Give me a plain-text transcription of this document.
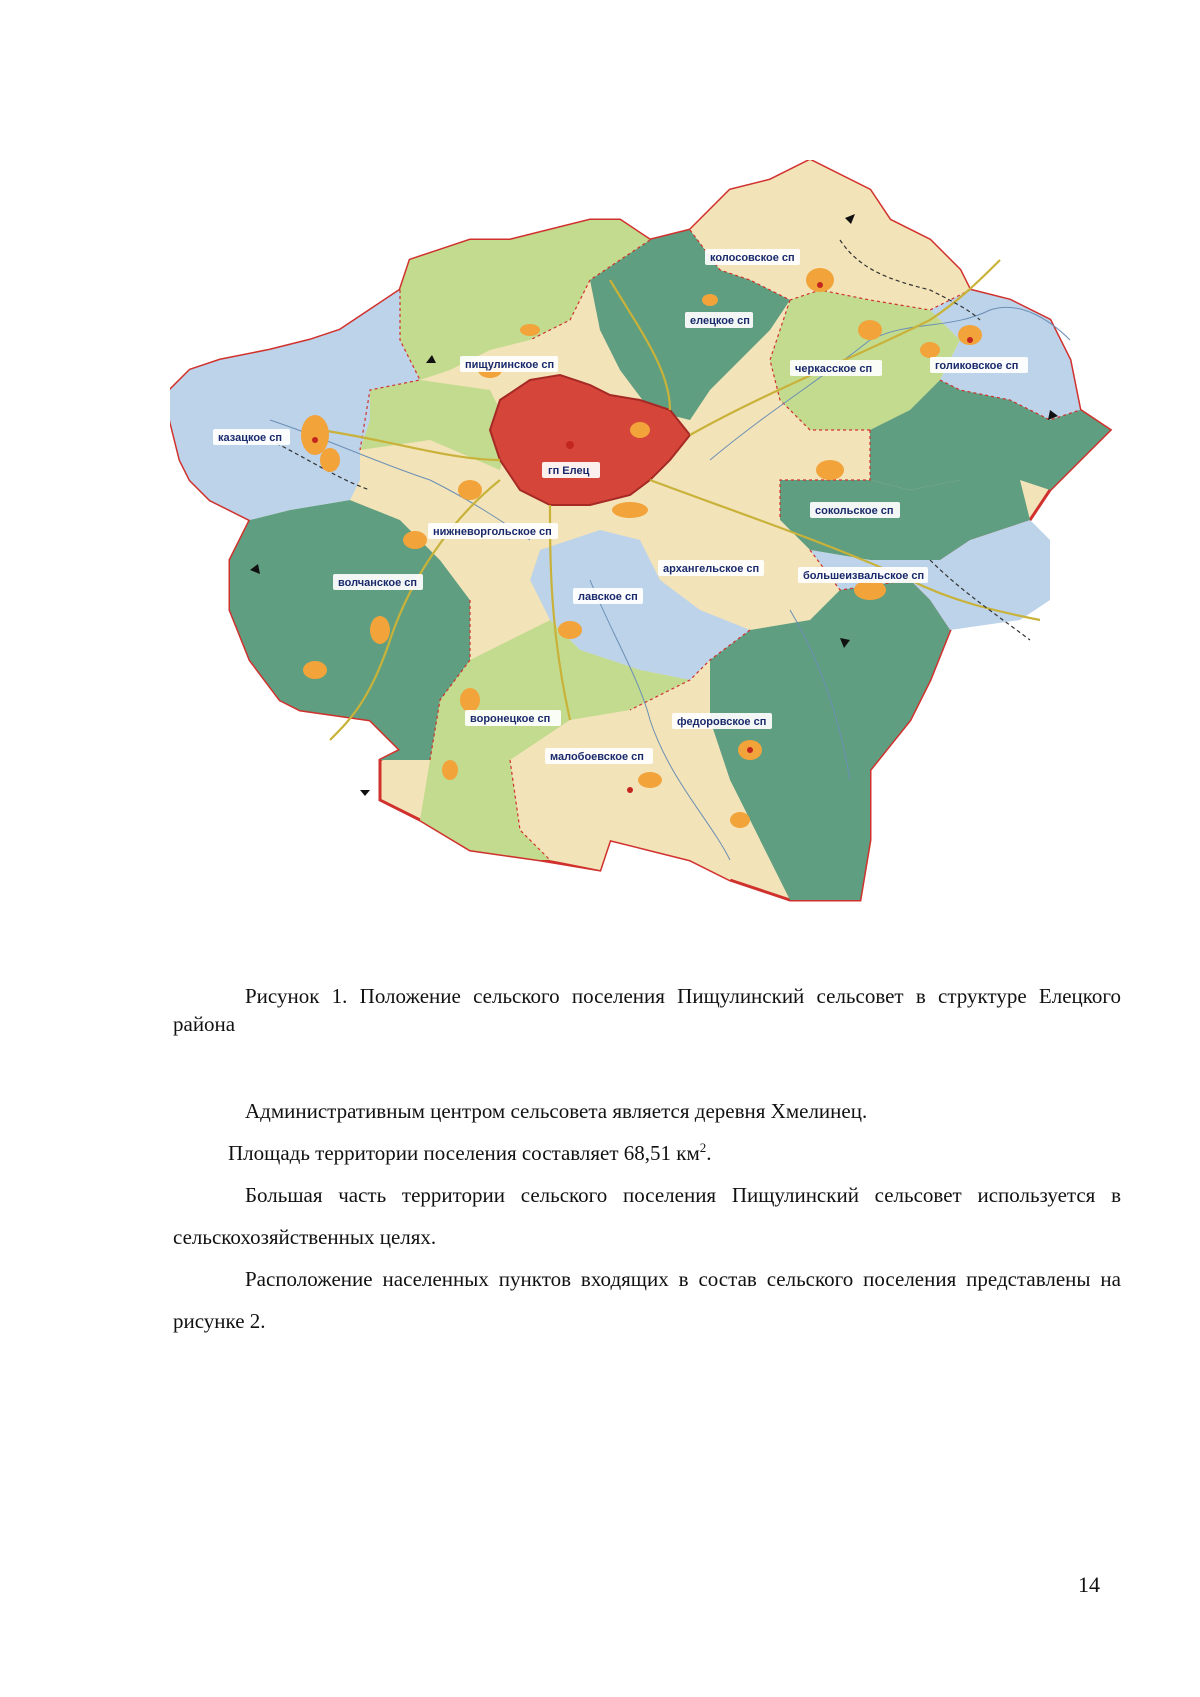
колосовское сп
елецкое сп
пищулинское сп	черкасское сп	голиковское сп
казацкое сп
гп Елец
сокольское сп
нижневоргольское сп
архангельское сп
большеизвальское сп
волчанское сп
лавское сп
воронецкое сп	федоровское сп
малобоевское сп
Рисунок 1. Положение сельского поселения Пищулинский сельсовет в структуре Елецкого района

Административным центром сельсовета является деревня Хмелинец.

Площадь территории поселения составляет 68,51 $км^2$.

Большая часть территории сельского поселения Пищулинский сельсовет используется в сельскохозяйственных целях.

Расположение населенных пунктов входящих в состав сельского поселения представлены на рисунке 2.

14
